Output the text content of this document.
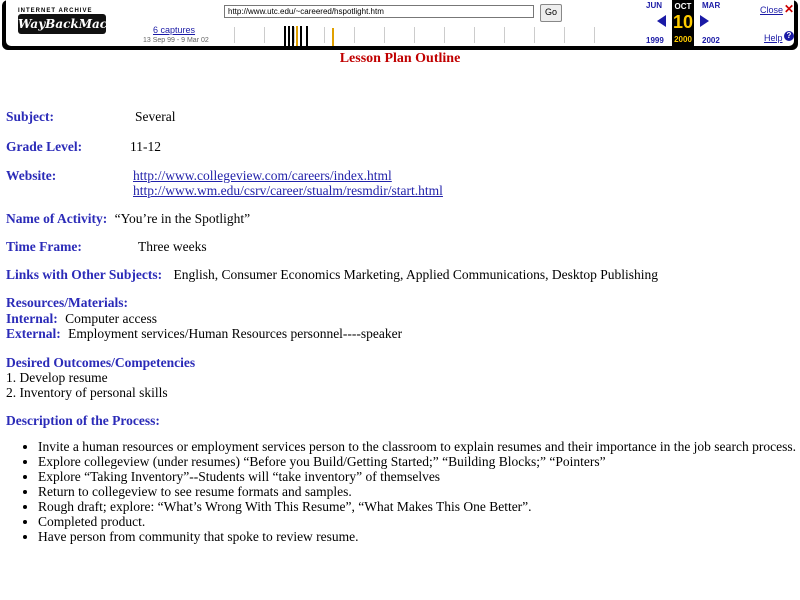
INTERNET ARCHIVE
WayBackMachine 6 captures
13 Sep 99 - 9 Mar 02
http://www.utc.edu/~careered/hspotlight.htm	Go
JUN
1999
OCT
10
2000
MAR
2002
Close ✕
Help ?
Lesson Plan Outline
Subject:	Several
Grade Level:	11-12
Website:	http://www.collegeview.com/careers/index.html
http://www.wm.edu/csrv/career/stualm/resmdir/start.html
Name of Activity: “You’re in the Spotlight”
Time Frame:	Three weeks
Links with Other Subjects: English, Consumer Economics Marketing, Applied Communications, Desktop Publishing
Resources/Materials:
Internal: Computer access
External: Employment services/Human Resources personnel----speaker
Desired Outcomes/Competencies
1. Develop resume
2. Inventory of personal skills
Description of the Process:
• Invite a human resources or employment services person to the classroom to explain resumes and their importance in the job search process.
• Explore collegeview (under resumes) “Before you Build/Getting Started;” “Building Blocks;” “Pointers”
• Explore “Taking Inventory”--Students will “take inventory” of themselves
• Return to collegeview to see resume formats and samples.
• Rough draft; explore: “What’s Wrong With This Resume”, “What Makes This One Better”.
• Completed product.
• Have person from community that spoke to review resume.
